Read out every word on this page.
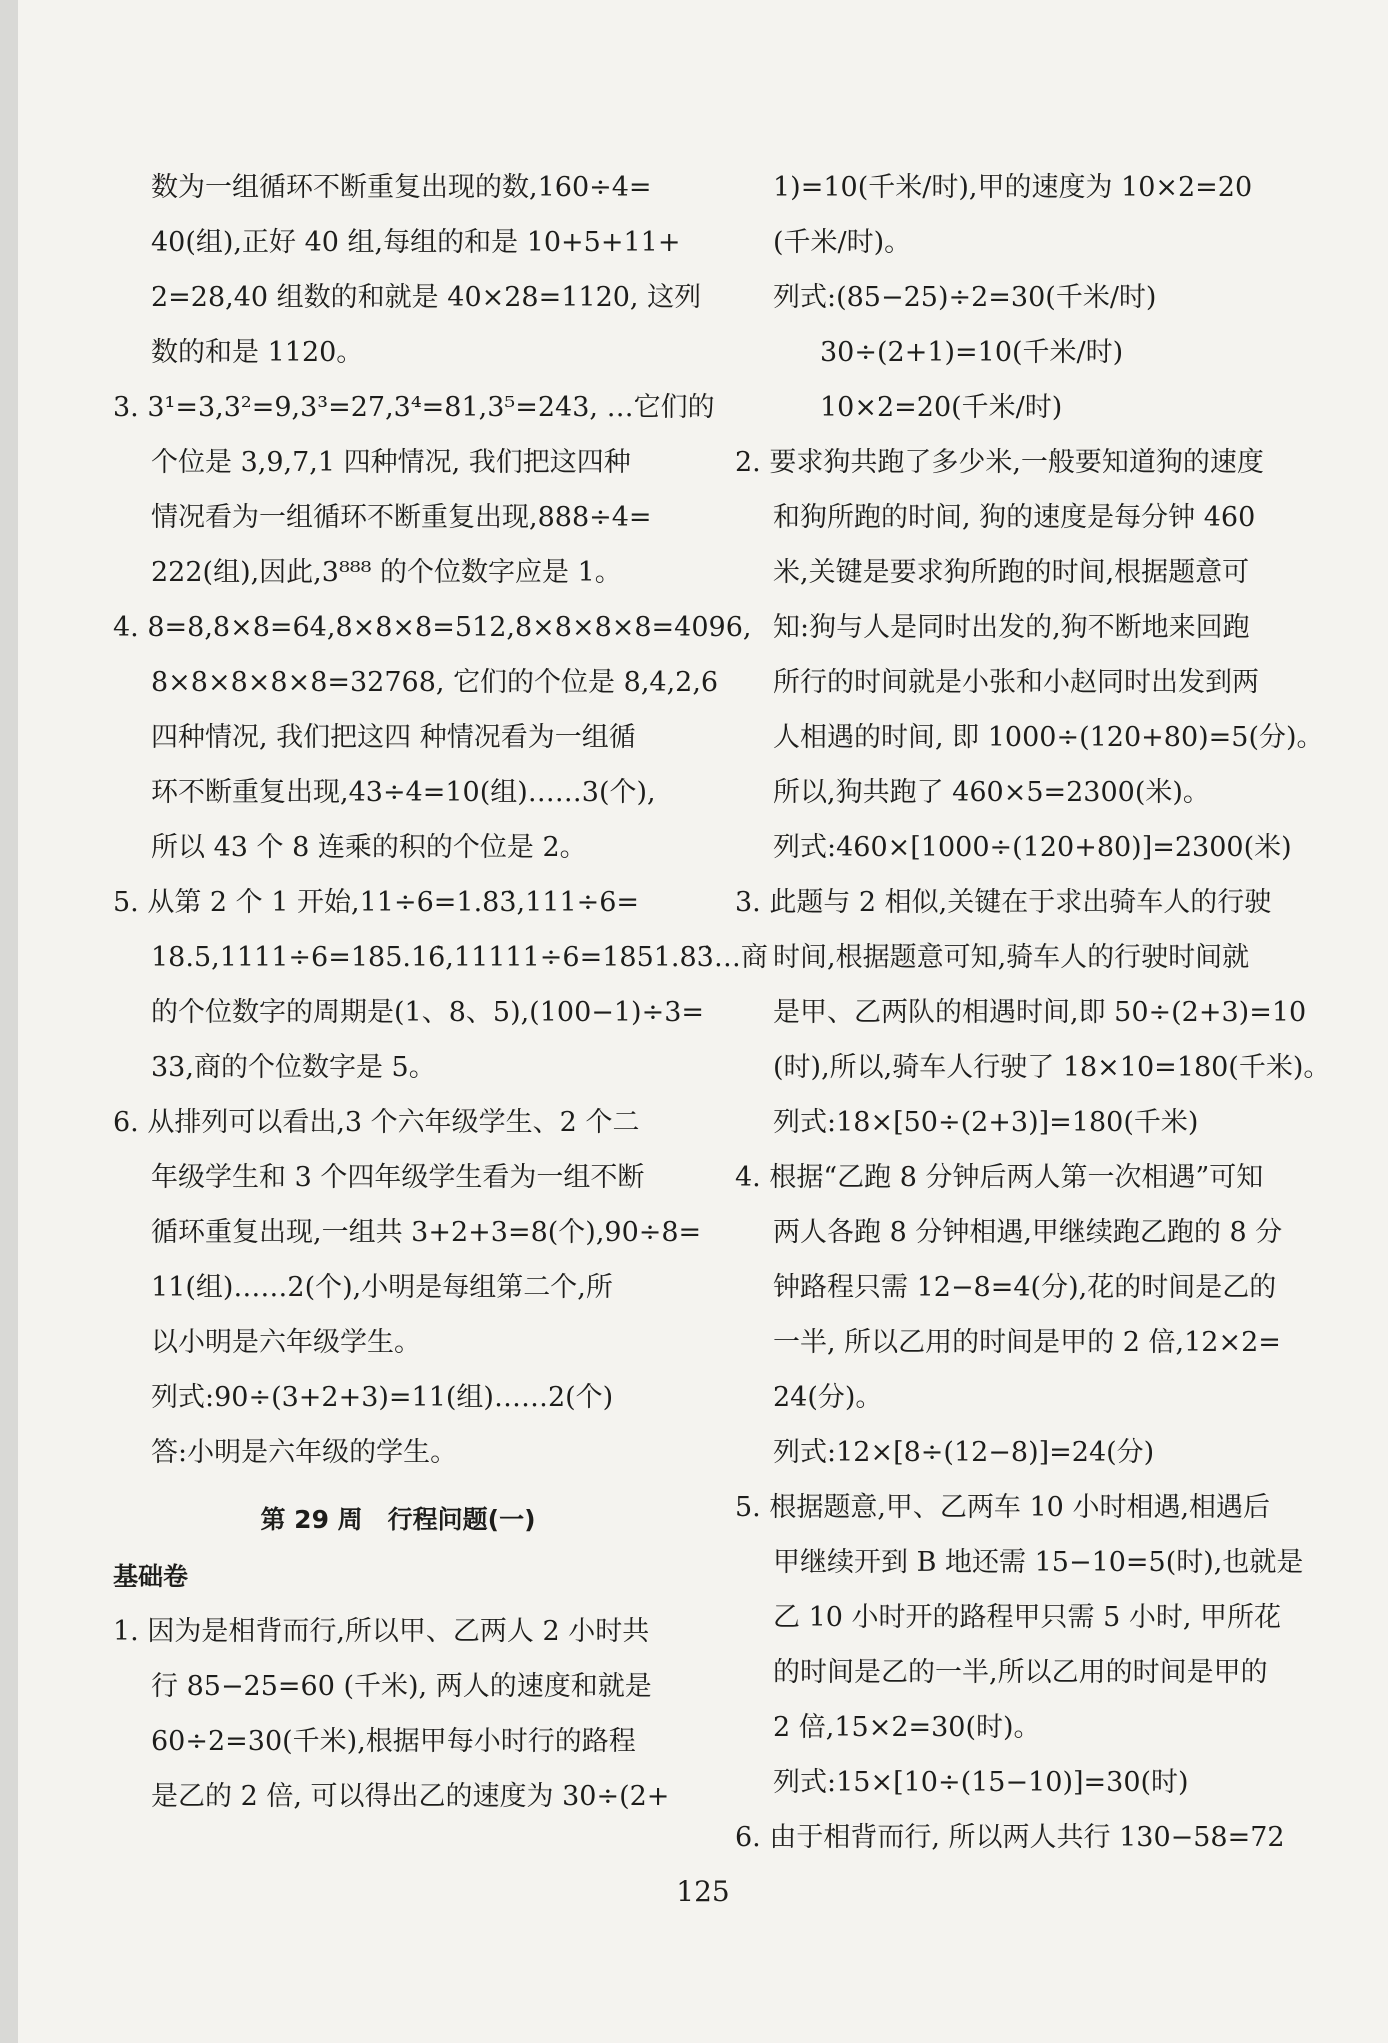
数为一组循环不断重复出现的数,160÷4=
40(组),正好 40 组,每组的和是 10+5+11+
2=28,40 组数的和就是 40×28=1120, 这列
数的和是 1120。
3. 3¹=3,3²=9,3³=27,3⁴=81,3⁵=243, …它们的
个位是 3,9,7,1 四种情况, 我们把这四种
情况看为一组循环不断重复出现,888÷4=
222(组),因此,3⁸⁸⁸ 的个位数字应是 1。
4. 8=8,8×8=64,8×8×8=512,8×8×8×8=4096,
8×8×8×8×8=32768, 它们的个位是 8,4,2,6
四种情况, 我们把这四 种情况看为一组循
环不断重复出现,43÷4=10(组)……3(个),
所以 43 个 8 连乘的积的个位是 2。
5. 从第 2 个 1 开始,11÷6=1.83̇,111÷6=
18.5,1111÷6=185.16̇,11111÷6=1851.83̇…商
的个位数字的周期是(1、8、5),(100−1)÷3=
33,商的个位数字是 5。
6. 从排列可以看出,3 个六年级学生、2 个二
年级学生和 3 个四年级学生看为一组不断
循环重复出现,一组共 3+2+3=8(个),90÷8=
11(组)……2(个),小明是每组第二个,所
以小明是六年级学生。
列式:90÷(3+2+3)=11(组)……2(个)
答:小明是六年级的学生。
第 29 周　行程问题(一)
基础卷
1. 因为是相背而行,所以甲、乙两人 2 小时共
行 85−25=60 (千米), 两人的速度和就是
60÷2=30(千米),根据甲每小时行的路程
是乙的 2 倍, 可以得出乙的速度为 30÷(2+
1)=10(千米/时),甲的速度为 10×2=20
(千米/时)。
列式:(85−25)÷2=30(千米/时)
30÷(2+1)=10(千米/时)
10×2=20(千米/时)
2. 要求狗共跑了多少米,一般要知道狗的速度
和狗所跑的时间, 狗的速度是每分钟 460
米,关键是要求狗所跑的时间,根据题意可
知:狗与人是同时出发的,狗不断地来回跑
所行的时间就是小张和小赵同时出发到两
人相遇的时间, 即 1000÷(120+80)=5(分)。
所以,狗共跑了 460×5=2300(米)。
列式:460×[1000÷(120+80)]=2300(米)
3. 此题与 2 相似,关键在于求出骑车人的行驶
时间,根据题意可知,骑车人的行驶时间就
是甲、乙两队的相遇时间,即 50÷(2+3)=10
(时),所以,骑车人行驶了 18×10=180(千米)。
列式:18×[50÷(2+3)]=180(千米)
4. 根据“乙跑 8 分钟后两人第一次相遇”可知
两人各跑 8 分钟相遇,甲继续跑乙跑的 8 分
钟路程只需 12−8=4(分),花的时间是乙的
一半, 所以乙用的时间是甲的 2 倍,12×2=
24(分)。
列式:12×[8÷(12−8)]=24(分)
5. 根据题意,甲、乙两车 10 小时相遇,相遇后
甲继续开到 B 地还需 15−10=5(时),也就是
乙 10 小时开的路程甲只需 5 小时, 甲所花
的时间是乙的一半,所以乙用的时间是甲的
2 倍,15×2=30(时)。
列式:15×[10÷(15−10)]=30(时)
6. 由于相背而行, 所以两人共行 130−58=72
125
